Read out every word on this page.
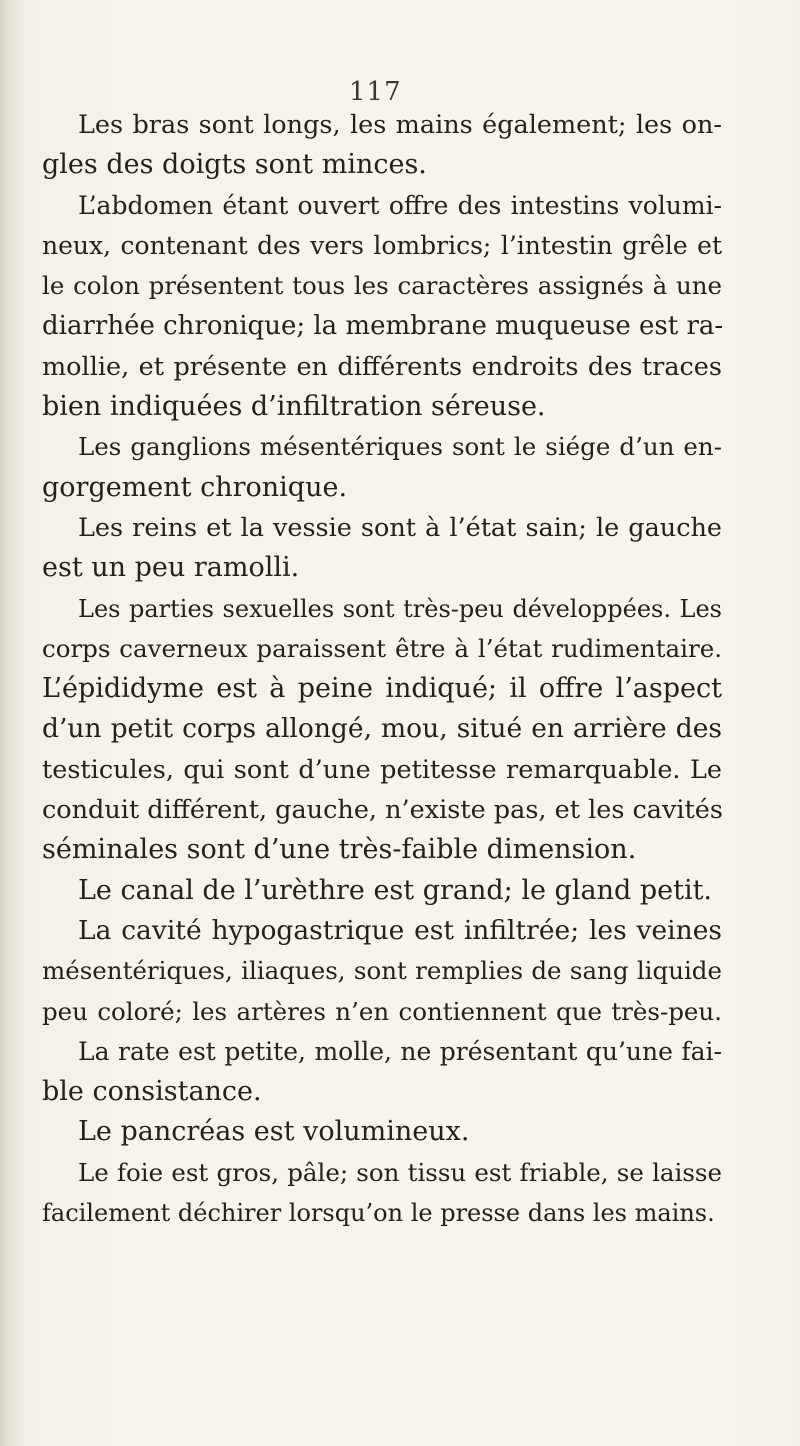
117
Les bras sont longs, les mains également; les on-
gles des doigts sont minces.
L’abdomen étant ouvert offre des intestins volumi-
neux, contenant des vers lombrics; l’intestin grêle et
le colon présentent tous les caractères assignés à une
diarrhée chronique; la membrane muqueuse est ra-
mollie, et présente en différents endroits des traces
bien indiquées d’infiltration séreuse.
Les ganglions mésentériques sont le siége d’un en-
gorgement chronique.
Les reins et la vessie sont à l’état sain; le gauche
est un peu ramolli.
Les parties sexuelles sont très-peu développées. Les
corps caverneux paraissent être à l’état rudimentaire.
L’épididyme est à peine indiqué; il offre l’aspect
d’un petit corps allongé, mou, situé en arrière des
testicules, qui sont d’une petitesse remarquable. Le
conduit différent, gauche, n’existe pas, et les cavités
séminales sont d’une très-faible dimension.
Le canal de l’urèthre est grand; le gland petit.
La cavité hypogastrique est infiltrée; les veines
mésentériques, iliaques, sont remplies de sang liquide
peu coloré; les artères n’en contiennent que très-peu.
La rate est petite, molle, ne présentant qu’une fai-
ble consistance.
Le pancréas est volumineux.
Le foie est gros, pâle; son tissu est friable, se laisse
facilement déchirer lorsqu’on le presse dans les mains.
